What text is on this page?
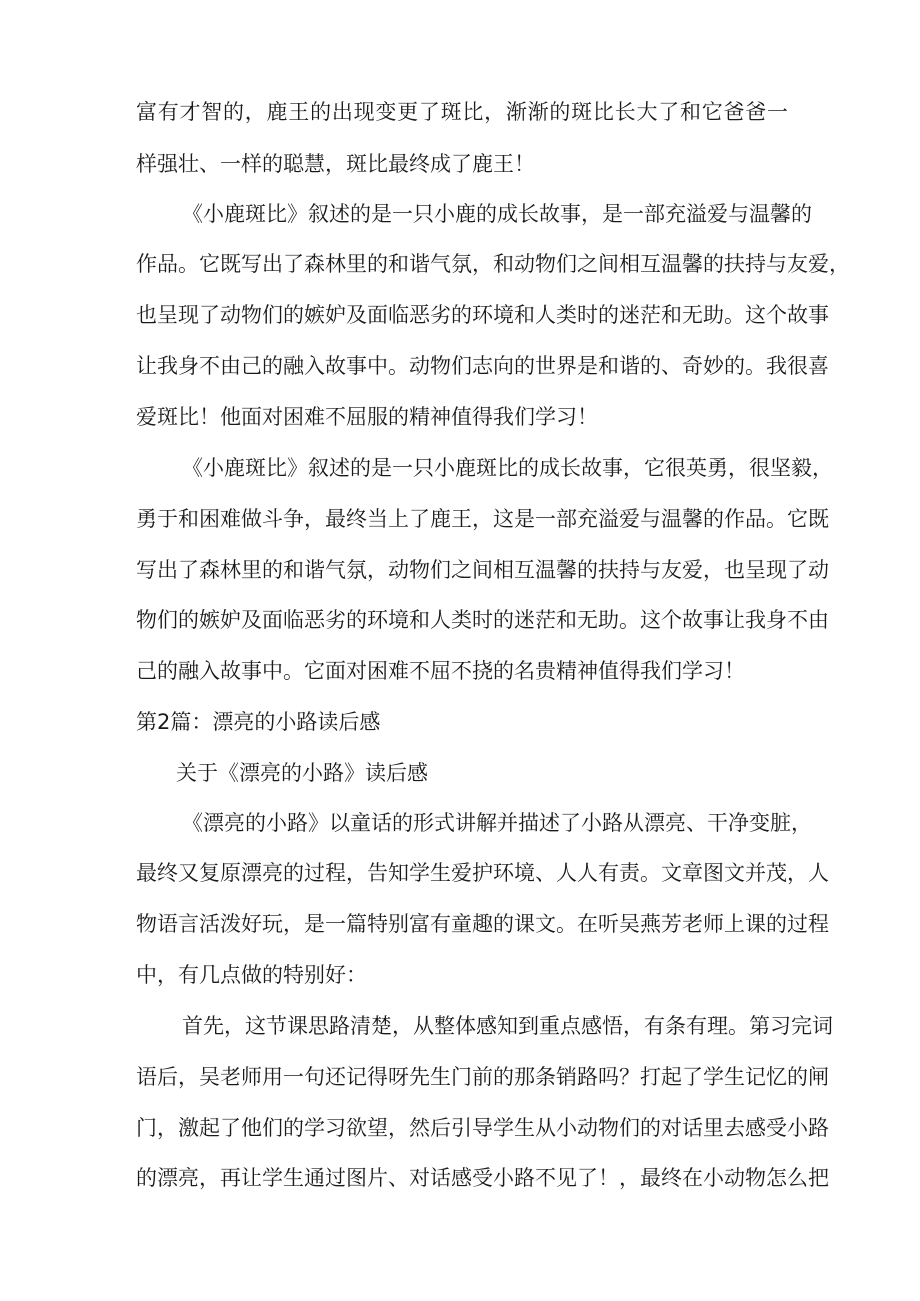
富有才智的，鹿王的出现变更了斑比，渐渐的斑比长大了和它爸爸一
样强壮、一样的聪慧，斑比最终成了鹿王！
《小鹿斑比》叙述的是一只小鹿的成长故事，是一部充溢爱与温馨的
作品。它既写出了森林里的和谐气氛，和动物们之间相互温馨的扶持与友爱，
也呈现了动物们的嫉妒及面临恶劣的环境和人类时的迷茫和无助。这个故事
让我身不由己的融入故事中。动物们志向的世界是和谐的、奇妙的。我很喜
爱斑比！他面对困难不屈服的精神值得我们学习！
《小鹿斑比》叙述的是一只小鹿斑比的成长故事，它很英勇，很坚毅，
勇于和困难做斗争，最终当上了鹿王，这是一部充溢爱与温馨的作品。它既
写出了森林里的和谐气氛，动物们之间相互温馨的扶持与友爱，也呈现了动
物们的嫉妒及面临恶劣的环境和人类时的迷茫和无助。这个故事让我身不由
己的融入故事中。它面对困难不屈不挠的名贵精神值得我们学习！
第2篇：漂亮的小路读后感
关于《漂亮的小路》读后感
《漂亮的小路》以童话的形式讲解并描述了小路从漂亮、干净变脏，
最终又复原漂亮的过程，告知学生爱护环境、人人有责。文章图文并茂，人
物语言活泼好玩，是一篇特别富有童趣的课文。在听吴燕芳老师上课的过程
中，有几点做的特别好：
首先，这节课思路清楚，从整体感知到重点感悟，有条有理。第习完词
语后，吴老师用一句还记得呀先生门前的那条销路吗？打起了学生记忆的闸
门，激起了他们的学习欲望，然后引导学生从小动物们的对话里去感受小路
的漂亮，再让学生通过图片、对话感受小路不见了！，最终在小动物怎么把
